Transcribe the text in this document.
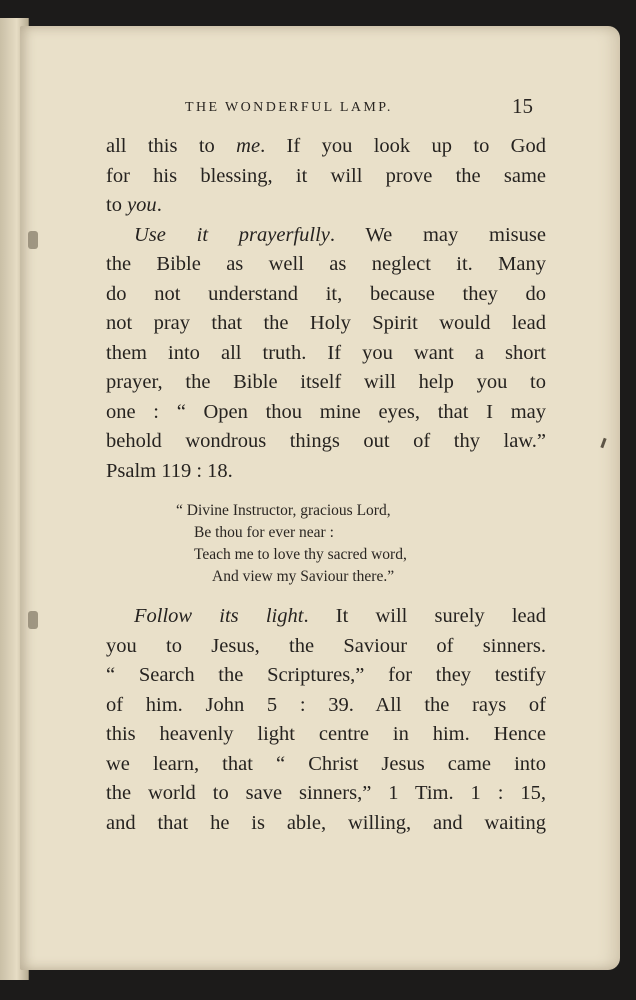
THE WONDERFUL LAMP.	15
all this to me. If you look up to God
for his blessing, it will prove the same
to you.
Use it prayerfully. We may misuse
the Bible as well as neglect it. Many
do not understand it, because they do
not pray that the Holy Spirit would lead
them into all truth. If you want a short
prayer, the Bible itself will help you to
one : “ Open thou mine eyes, that I may
behold wondrous things out of thy law.”
Psalm 119 : 18.
“ Divine Instructor, gracious Lord,
Be thou for ever near :
Teach me to love thy sacred word,
And view my Saviour there.”
Follow its light. It will surely lead
you to Jesus, the Saviour of sinners.
“ Search the Scriptures,” for they testify
of him. John 5 : 39. All the rays of
this heavenly light centre in him. Hence
we learn, that “ Christ Jesus came into
the world to save sinners,” 1 Tim. 1 : 15,
and that he is able, willing, and waiting
